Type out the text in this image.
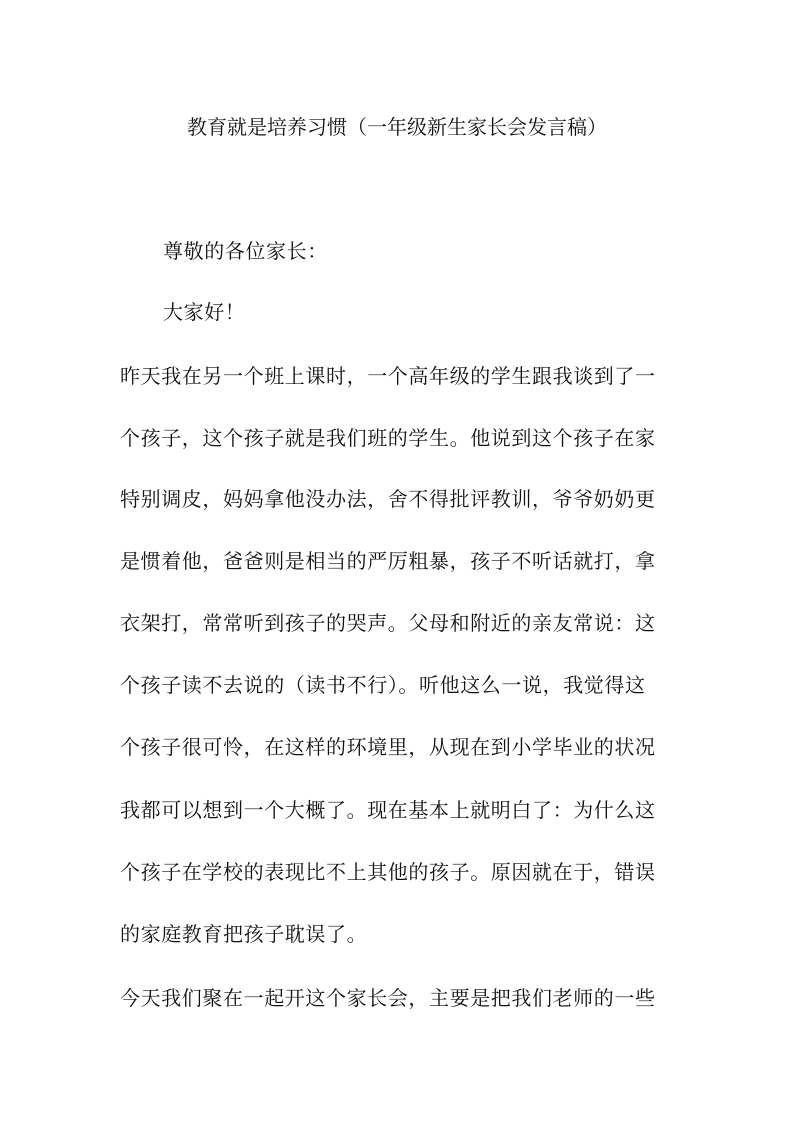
教育就是培养习惯（一年级新生家长会发言稿）
尊敬的各位家长：
大家好！
昨天我在另一个班上课时，一个高年级的学生跟我谈到了一
个孩子，这个孩子就是我们班的学生。他说到这个孩子在家
特别调皮，妈妈拿他没办法，舍不得批评教训，爷爷奶奶更
是惯着他，爸爸则是相当的严厉粗暴，孩子不听话就打，拿
衣架打，常常听到孩子的哭声。父母和附近的亲友常说：这
个孩子读不去说的（读书不行）。听他这么一说，我觉得这
个孩子很可怜，在这样的环境里，从现在到小学毕业的状况
我都可以想到一个大概了。现在基本上就明白了：为什么这
个孩子在学校的表现比不上其他的孩子。原因就在于，错误
的家庭教育把孩子耽误了。
今天我们聚在一起开这个家长会，主要是把我们老师的一些
